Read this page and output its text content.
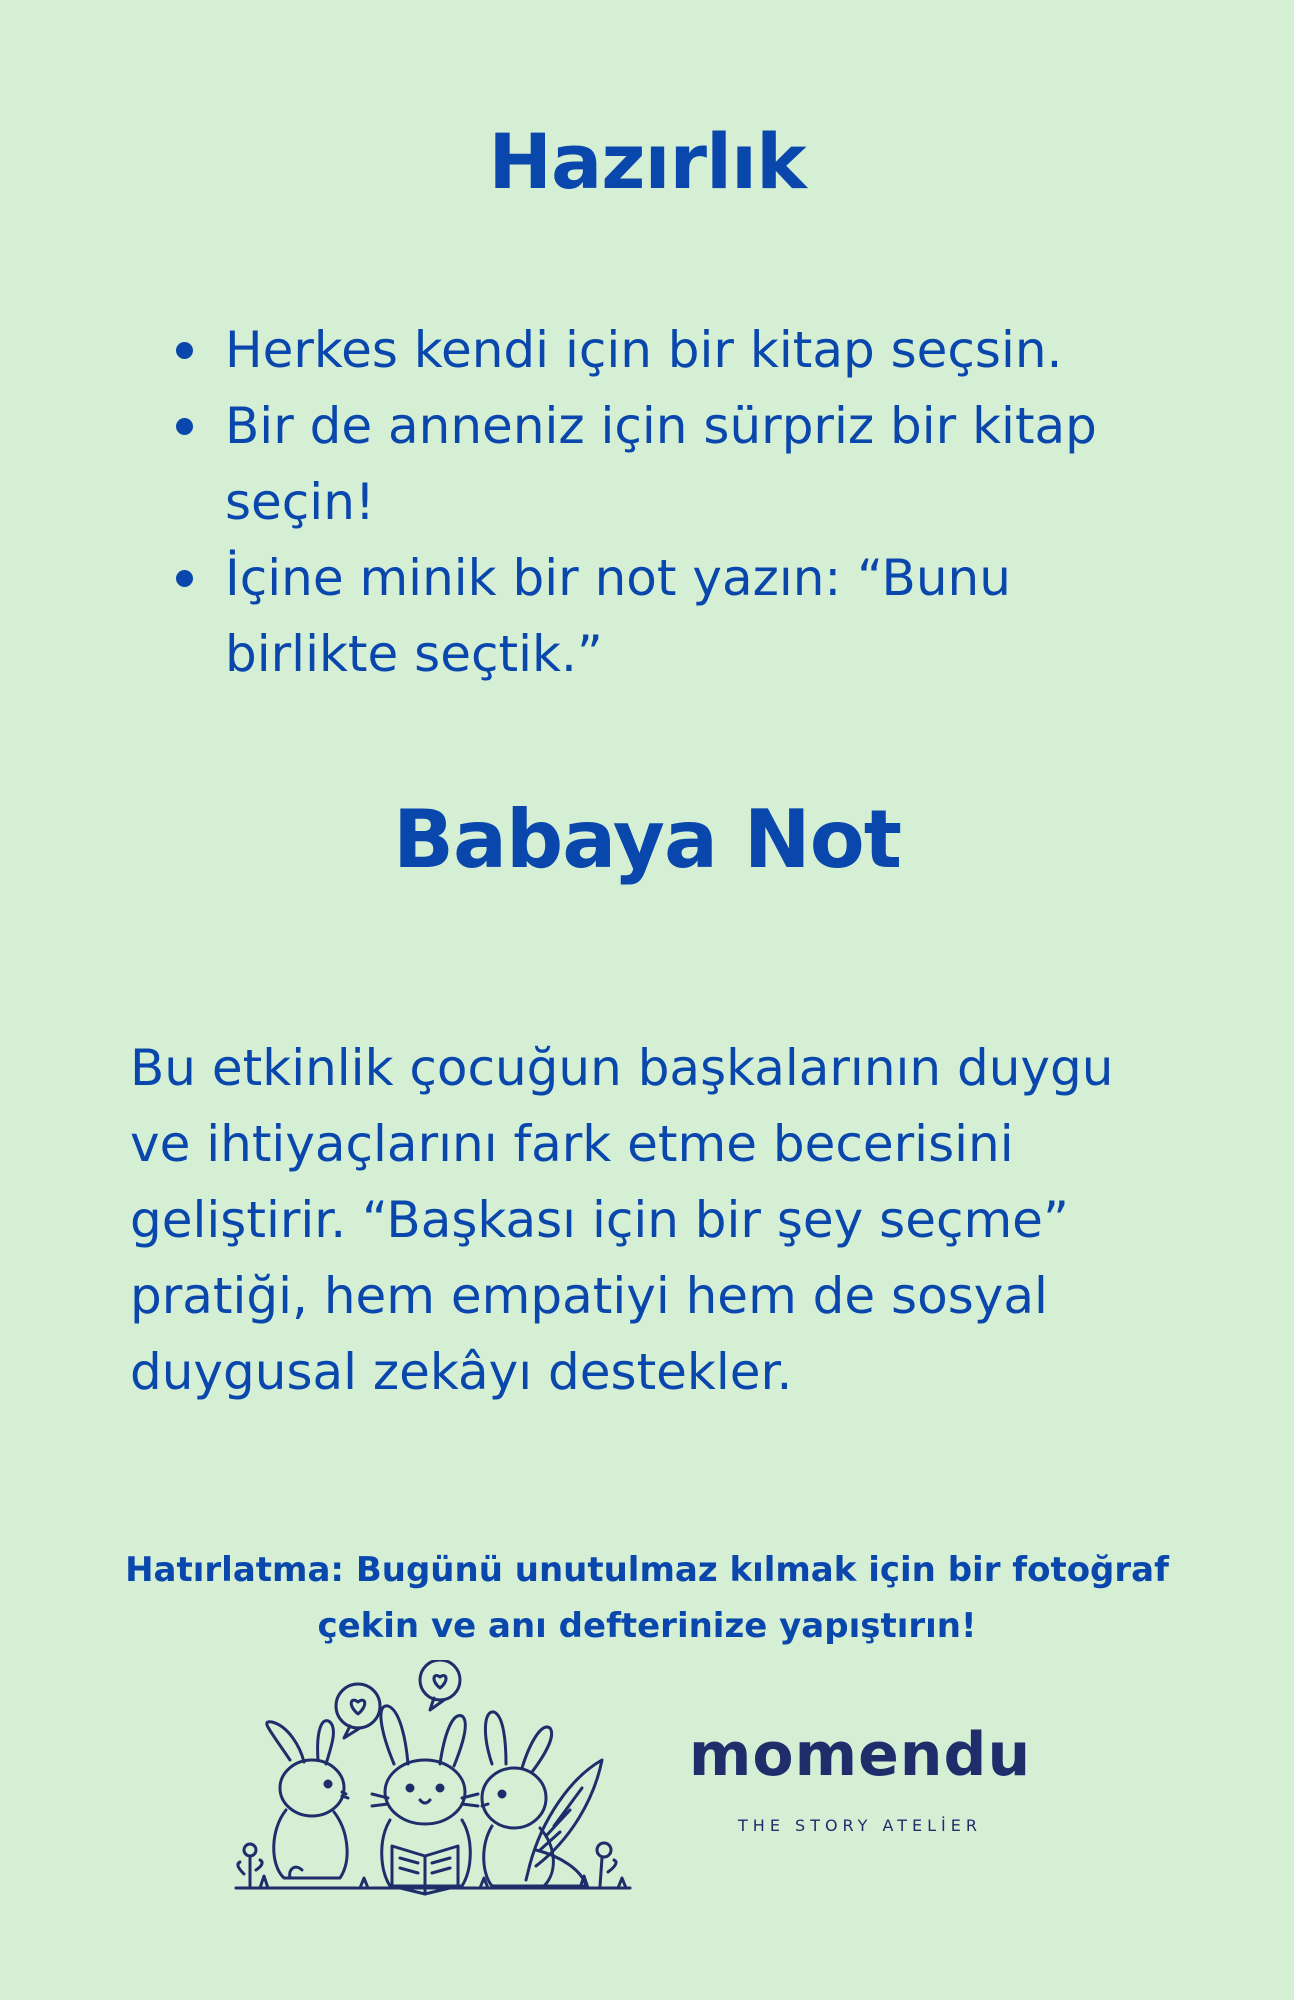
Hazırlık
Herkes kendi için bir kitap seçsin.
Bir de anneniz için sürpriz bir kitap seçin!
İçine minik bir not yazın: “Bunu birlikte seçtik.”
Babaya Not

Bu etkinlik çocuğun başkalarının duygu ve ihtiyaçlarını fark etme becerisini geliştirir. “Başkası için bir şey seçme” pratiği, hem empatiyi hem de sosyal duygusal zekâyı destekler.

Hatırlatma: Bugünü unutulmaz kılmak için bir fotoğraf çekin ve anı defterinize yapıştırın!

momendu
THE STORY ATELİER
